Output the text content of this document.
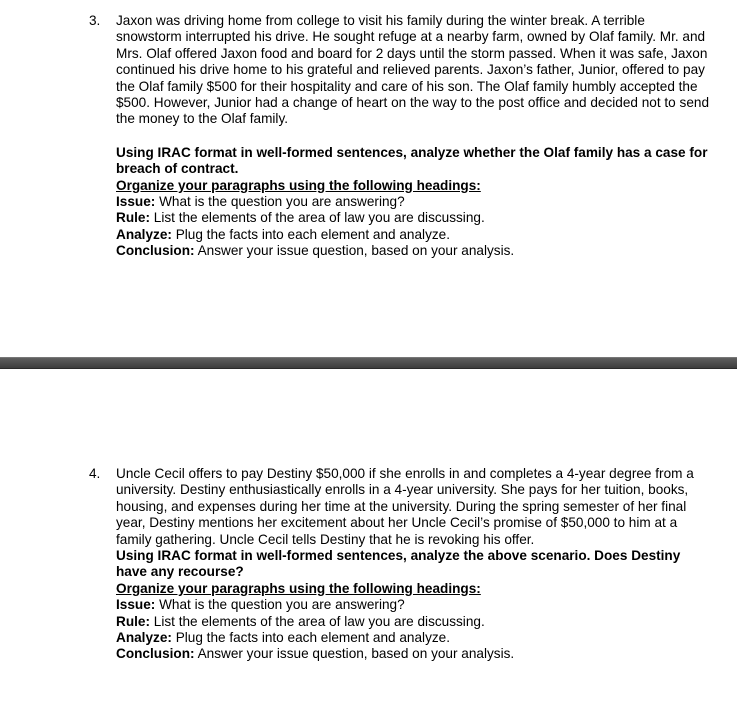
3. Jaxon was driving home from college to visit his family during the winter break. A terrible snowstorm interrupted his drive. He sought refuge at a nearby farm, owned by Olaf family. Mr. and Mrs. Olaf offered Jaxon food and board for 2 days until the storm passed. When it was safe, Jaxon continued his drive home to his grateful and relieved parents. Jaxon’s father, Junior, offered to pay the Olaf family $500 for their hospitality and care of his son. The Olaf family humbly accepted the $500. However, Junior had a change of heart on the way to the post office and decided not to send the money to the Olaf family.

Using IRAC format in well-formed sentences, analyze whether the Olaf family has a case for breach of contract.

Organize your paragraphs using the following headings:

Issue: What is the question you are answering?

Rule: List the elements of the area of law you are discussing.

Analyze: Plug the facts into each element and analyze.

Conclusion: Answer your issue question, based on your analysis.

4. Uncle Cecil offers to pay Destiny $50,000 if she enrolls in and completes a 4-year degree from a university. Destiny enthusiastically enrolls in a 4-year university. She pays for her tuition, books, housing, and expenses during her time at the university. During the spring semester of her final year, Destiny mentions her excitement about her Uncle Cecil’s promise of $50,000 to him at a family gathering. Uncle Cecil tells Destiny that he is revoking his offer.

Using IRAC format in well-formed sentences, analyze the above scenario. Does Destiny have any recourse?

Organize your paragraphs using the following headings:

Issue: What is the question you are answering?

Rule: List the elements of the area of law you are discussing.

Analyze: Plug the facts into each element and analyze.

Conclusion: Answer your issue question, based on your analysis.
